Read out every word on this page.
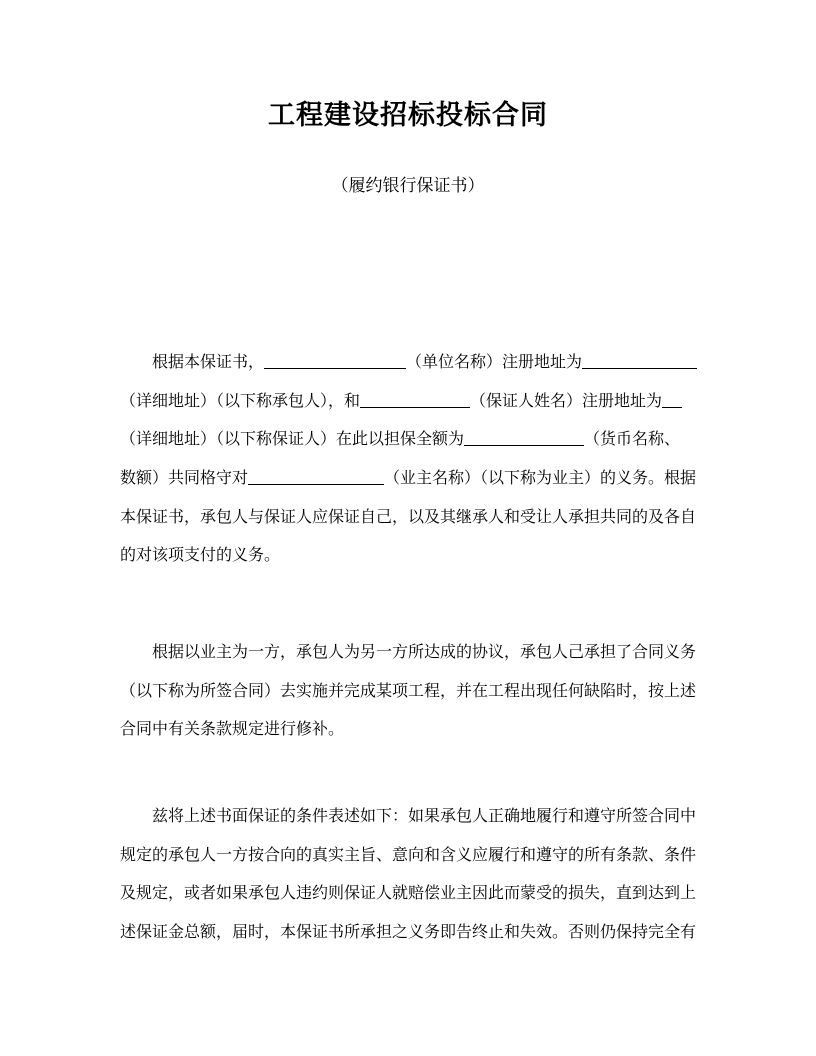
工程建设招标投标合同
（履约银行保证书）
根据本保证书，	（单位名称）注册地址为
（详细地址）（以下称承包人），和	（保证人姓名）注册地址为
（详细地址）（以下称保证人）在此以担保全额为	（货币名称、
数额）共同格守对	（业主名称）（以下称为业主）的义务。根据
本保证书，承包人与保证人应保证自己，以及其继承人和受让人承担共同的及各自
的对该项支付的义务。
根据以业主为一方，承包人为另一方所达成的协议，承包人己承担了合同义务
（以下称为所签合同）去实施并完成某项工程，并在工程出现任何缺陷时，按上述
合同中有关条款规定进行修补。
兹将上述书面保证的条件表述如下：如果承包人正确地履行和遵守所签合同中
规定的承包人一方按合向的真实主旨、意向和含义应履行和遵守的所有条款、条件
及规定，或者如果承包人违约则保证人就赔偿业主因此而蒙受的损失，直到达到上
述保证金总额，届时，本保证书所承担之义务即告终止和失效。否则仍保持完全有
